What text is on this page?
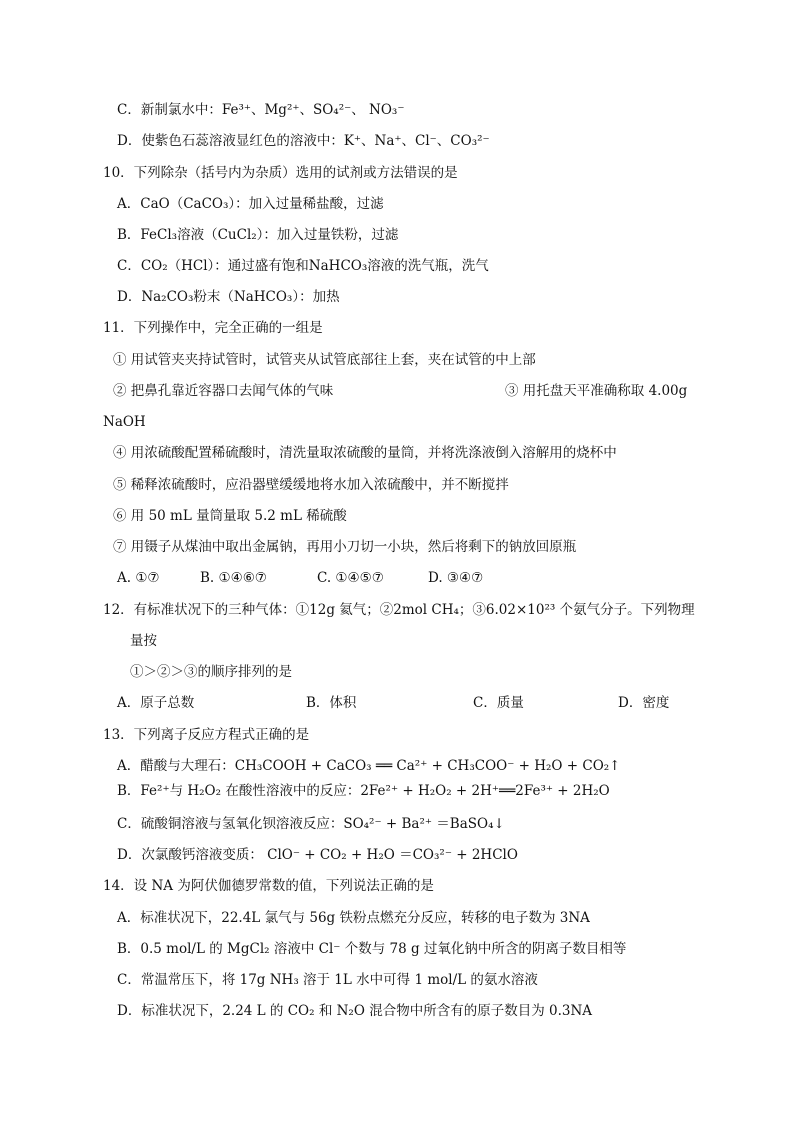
C．新制氯水中：Fe³⁺、Mg²⁺、SO₄²⁻、 NO₃⁻
D．使紫色石蕊溶液显红色的溶液中：K⁺、Na⁺、Cl⁻、CO₃²⁻
10．下列除杂（括号内为杂质）选用的试剂或方法错误的是
A．CaO（CaCO₃）：加入过量稀盐酸，过滤
B．FeCl₃溶液（CuCl₂）：加入过量铁粉，过滤
C．CO₂（HCl）：通过盛有饱和NaHCO₃溶液的洗气瓶，洗气
D．Na₂CO₃粉末（NaHCO₃）：加热
11．下列操作中，完全正确的一组是
① 用试管夹夹持试管时，试管夹从试管底部往上套，夹在试管的中上部
② 把鼻孔靠近容器口去闻气体的气味	③ 用托盘天平准确称取 4.00g
NaOH
④ 用浓硫酸配置稀硫酸时，清洗量取浓硫酸的量筒，并将洗涤液倒入溶解用的烧杯中
⑤ 稀释浓硫酸时，应沿器壁缓缓地将水加入浓硫酸中，并不断搅拌
⑥ 用 50 mL 量筒量取 5.2 mL 稀硫酸
⑦ 用镊子从煤油中取出金属钠，再用小刀切一小块，然后将剩下的钠放回原瓶
A. ①⑦	B. ①④⑥⑦	C. ①④⑤⑦	D. ③④⑦
12．有标准状况下的三种气体：①12g 氦气；②2mol CH₄；③6.02×10²³ 个氨气分子。下列物理
量按
①＞②＞③的顺序排列的是
A．原子总数	B．体积	C．质量	D．密度
13．下列离子反应方程式正确的是
A．醋酸与大理石：CH₃COOH + CaCO₃ ══ Ca²⁺ + CH₃COO⁻ + H₂O + CO₂↑
B．Fe²⁺与 H₂O₂ 在酸性溶液中的反应：2Fe²⁺ + H₂O₂ + 2H⁺══2Fe³⁺ + 2H₂O
C．硫酸铜溶液与氢氧化钡溶液反应：SO₄²⁻ + Ba²⁺ ＝BaSO₄↓
D．次氯酸钙溶液变质： ClO⁻ + CO₂ + H₂O ＝CO₃²⁻ + 2HClO
14．设 NA 为阿伏伽德罗常数的值，下列说法正确的是
A．标准状况下，22.4L 氯气与 56g 铁粉点燃充分反应，转移的电子数为 3NA
B．0.5 mol/L 的 MgCl₂ 溶液中 Cl⁻ 个数与 78 g 过氧化钠中所含的阴离子数目相等
C．常温常压下，将 17g NH₃ 溶于 1L 水中可得 1 mol/L 的氨水溶液
D．标准状况下，2.24 L 的 CO₂ 和 N₂O 混合物中所含有的原子数目为 0.3NA
